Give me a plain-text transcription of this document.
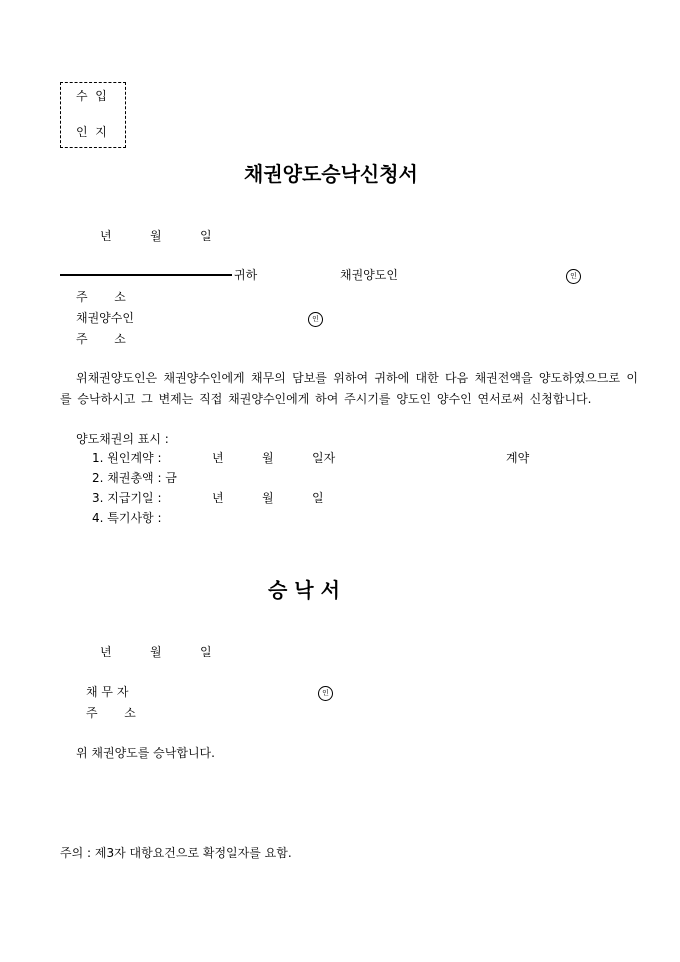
수  입
인  지
채권양도승낙신청서
년	월	일
귀하	채권양도인	인
주       소
채권양수인	인
주       소
위채권양도인은 채권양수인에게 채무의 담보를 위하여 귀하에 대한 다음 채권전액을 양도하였으므로 이를 승낙하시고 그 변제는 직접 채권양수인에게 하여 주시기를 양도인 양수인 연서로써 신청합니다.
양도채권의 표시 :
1. 원인계약 :	년	월	일자	계약
2. 채권총액 : 금
3. 지급기일 :	년	월	일
4. 특기사항 :
승 낙 서
년	월	일
채 무 자	인
주       소
위 채권양도를 승낙합니다.
주의 : 제3자 대항요건으로 확정일자를 요함.
